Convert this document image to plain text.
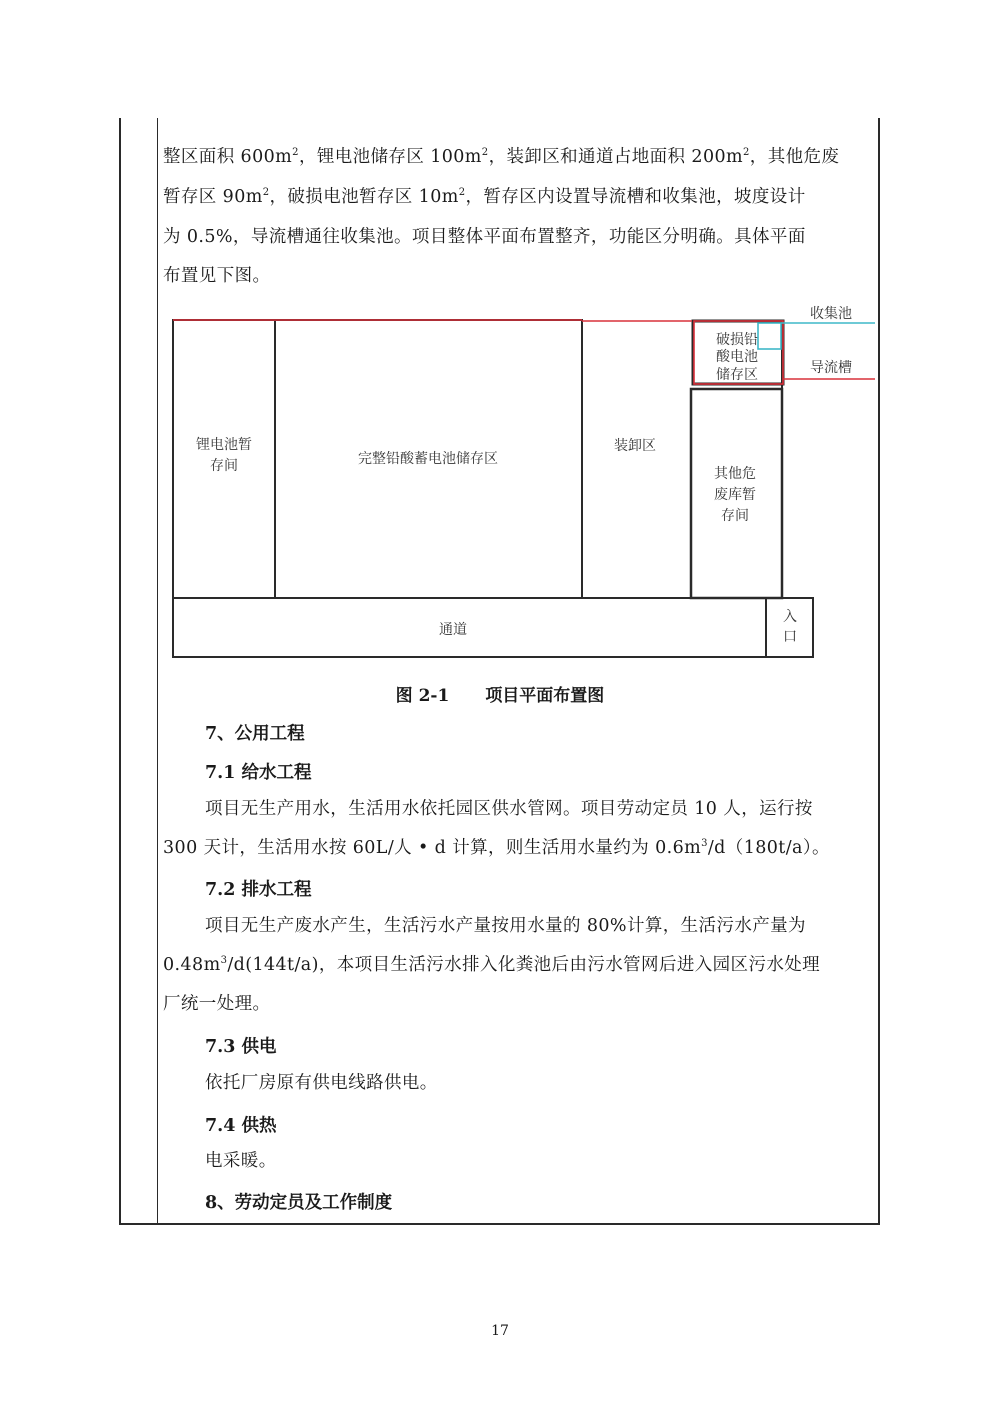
整区面积 $600m^2$，锂电池储存区 $100m^2$，装卸区和通道占地面积 $200m^2$，其他危废

暂存区 $90m^2$，破损电池暂存区 $10m^2$，暂存区内设置导流槽和收集池，坡度设计

为 0.5%，导流槽通往收集池。项目整体平面布置整齐，功能区分明确。具体平面

布置见下图。

锂电池暂
存间	完整铅酸蓄电池储存区
装卸区
破损铅
酸电池
储存区
其他危
废库暂
存间
通道
入
口
收集池
导流槽

图 2-1 项目平面布置图

7、公用工程

7.1 给水工程

项目无生产用水，生活用水依托园区供水管网。项目劳动定员 10 人，运行按

300 天计，生活用水按 60L/人 • d 计算，则生活用水量约为 $0.6m^3/d(180t/a)$。

7.2 排水工程

项目无生产废水产生，生活污水产量按用水量的 80%计算，生活污水产量为

$0.48m^3/d(144t/a)$，本项目生活污水排入化粪池后由污水管网后进入园区污水处理

厂统一处理。

7.3 供电

依托厂房原有供电线路供电。

7.4 供热

电采暖。

8、劳动定员及工作制度

17
